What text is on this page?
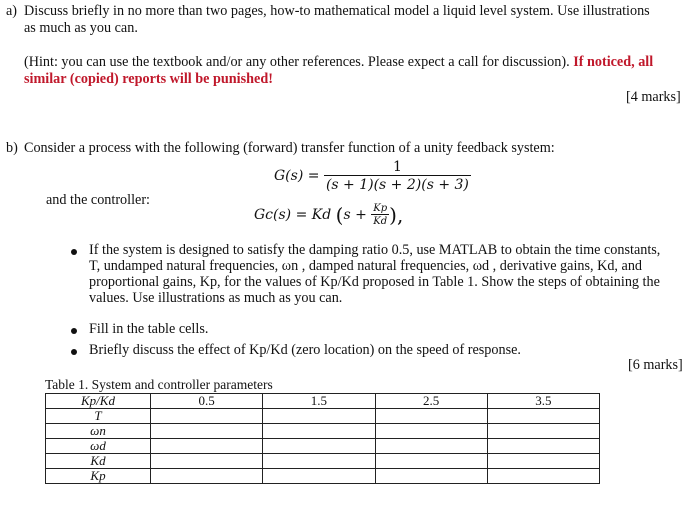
a) Discuss briefly in no more than two pages, how-to mathematical model a liquid level system. Use illustrations
as much as you can.
(Hint: you can use the textbook and/or any other references. Please expect a call for discussion). If noticed, all
similar (copied) reports will be punished!
[4 marks]
b) Consider a process with the following (forward) transfer function of a unity feedback system:
$G(s) = \frac{1}{(s + 1)(s + 2)(s + 3)}$
and the controller:
Gc(s) = Kd ($s + \frac{Kp}{Kd}$ ),
If the system is designed to satisfy the damping ratio 0.5, use MATLAB to obtain the time constants,
T, undamped natural frequencies, ωn , damped natural frequencies, ωd , derivative gains, Kd, and
proportional gains, Kp, for the values of Kp/Kd proposed in Table 1. Show the steps of obtaining the
values. Use illustrations as much as you can.
Fill in the table cells.
Briefly discuss the effect of Kp/Kd (zero location) on the speed of response.
[6 marks]
Table 1. System and controller parameters
Kp/Kd	0.5	1.5	2.5	3.5
T				
ωn				
ωd				
Kd				
Kp				
